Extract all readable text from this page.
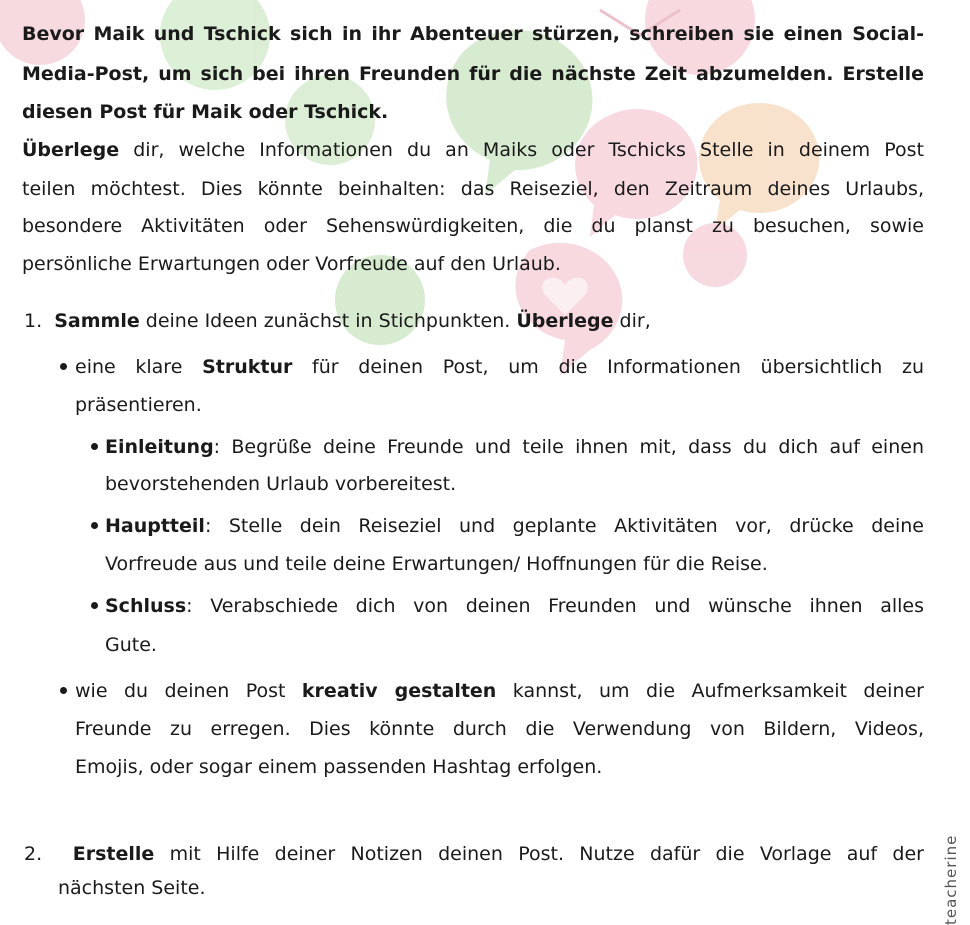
Bevor Maik und Tschick sich in ihr Abenteuer stürzen, schreiben sie einen Social-
Media-Post, um sich bei ihren Freunden für die nächste Zeit abzumelden. Erstelle
diesen Post für Maik oder Tschick.
Überlege dir, welche Informationen du an Maiks oder Tschicks Stelle in deinem Post
teilen möchtest. Dies könnte beinhalten: das Reiseziel, den Zeitraum deines Urlaubs,
besondere Aktivitäten oder Sehenswürdigkeiten, die du planst zu besuchen, sowie
persönliche Erwartungen oder Vorfreude auf den Urlaub.
1. Sammle deine Ideen zunächst in Stichpunkten. Überlege dir,
eine klare Struktur für deinen Post, um die Informationen übersichtlich zu
präsentieren.
Einleitung: Begrüße deine Freunde und teile ihnen mit, dass du dich auf einen
bevorstehenden Urlaub vorbereitest.
Hauptteil: Stelle dein Reiseziel und geplante Aktivitäten vor, drücke deine
Vorfreude aus und teile deine Erwartungen/ Hoffnungen für die Reise.
Schluss: Verabschiede dich von deinen Freunden und wünsche ihnen alles
Gute.
wie du deinen Post kreativ gestalten kannst, um die Aufmerksamkeit deiner
Freunde zu erregen. Dies könnte durch die Verwendung von Bildern, Videos,
Emojis, oder sogar einem passenden Hashtag erfolgen.
2. Erstelle mit Hilfe deiner Notizen deinen Post. Nutze dafür die Vorlage auf der
nächsten Seite.	teacherine
